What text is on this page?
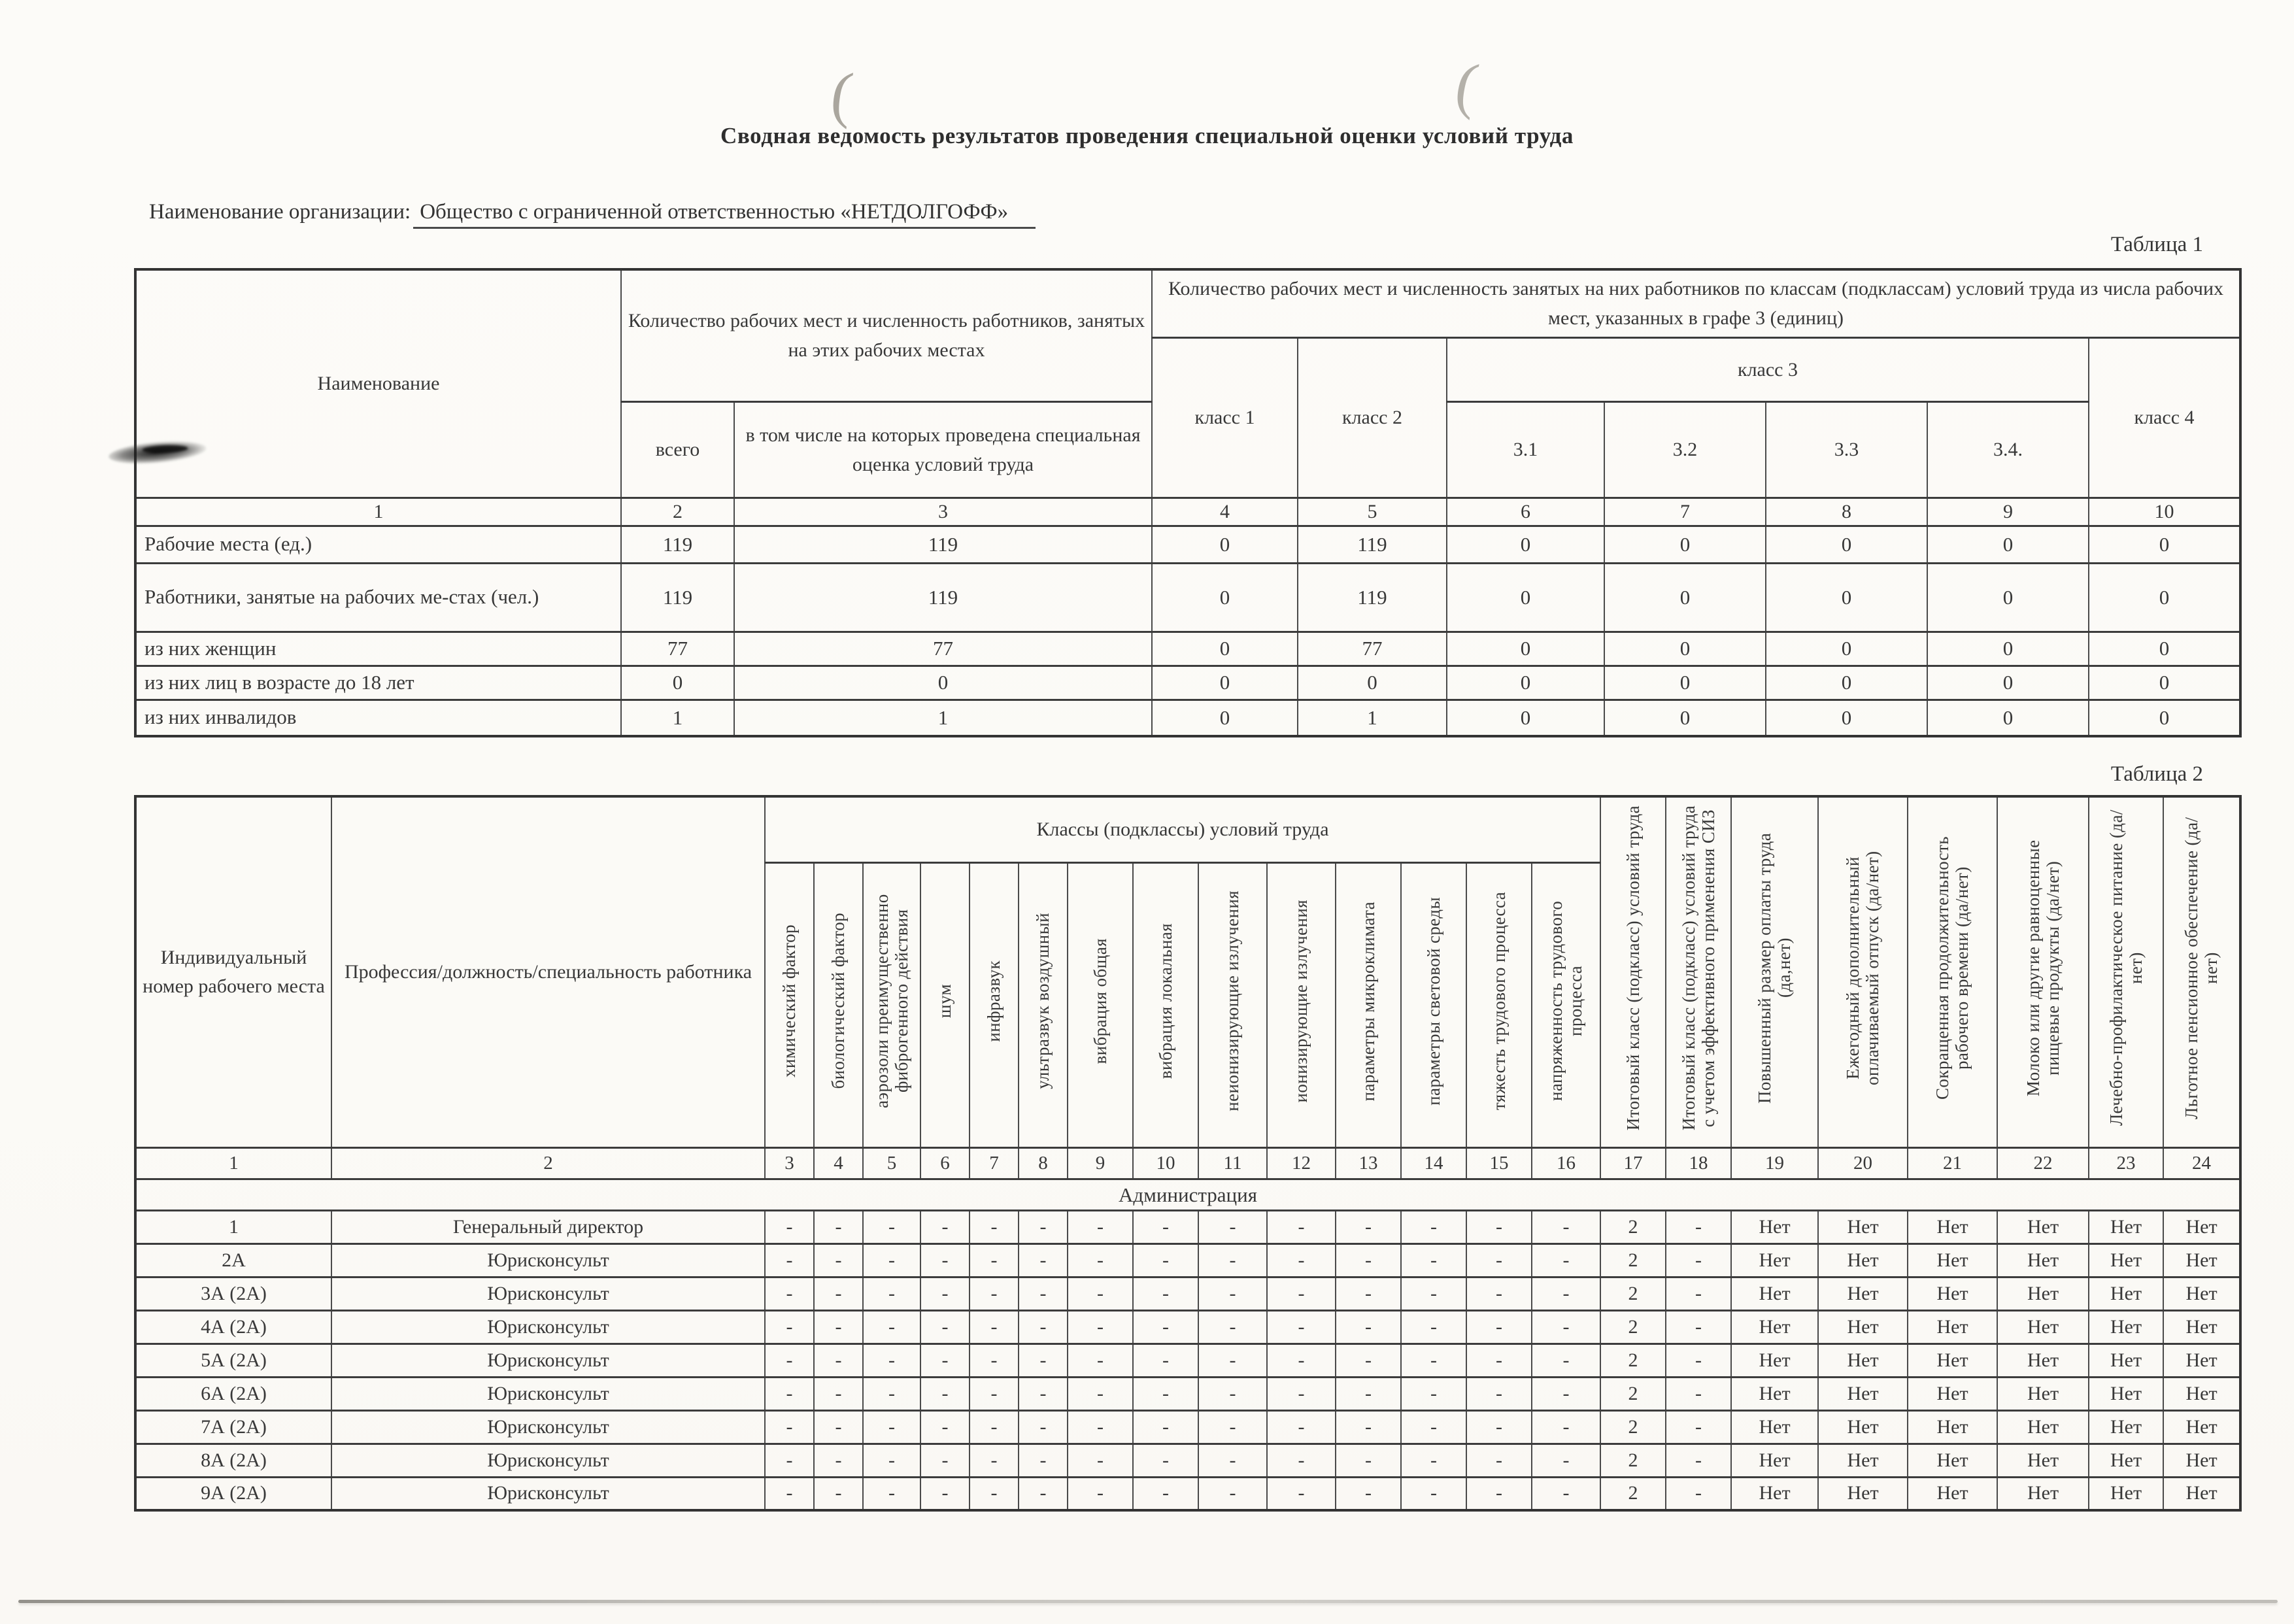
(	(
Сводная ведомость результатов проведения специальной оценки условий труда
Наименование организации: Общество с ограниченной ответственностью «НЕТДОЛГОФФ»
Таблица 1
Наименование	Количество рабочих мест и численность работников, занятых на этих рабочих местах		Количество рабочих мест и численность занятых на них работников по классам (подклассам) условий труда из числа рабочих мест, указанных в графе 3 (единиц)						
			класс 1	класс 2	класс 3				класс 4
	всего	в том числе на которых проведена специальная оценка условий труда			3.1	3.2	3.3	3.4.	
1	2	3	4	5	6	7	8	9	10
Рабочие места (ед.)	119	119	0	119	0	0	0	0	0
Работники, занятые на рабочих ме-стах (чел.)	119	119	0	119	0	0	0	0	0
из них женщин	77	77	0	77	0	0	0	0	0
из них лиц в возрасте до 18 лет	0	0	0	0	0	0	0	0	0
из них инвалидов	1	1	0	1	0	0	0	0	0
Таблица 2
Индивидуальный номер рабочего места	Профессия/должность/специальность работника	Классы (подклассы) условий труда														Итоговый класс (подкласс) условий труда	Итоговый класс (подкласс) условий труда с учетом эффективного применения СИЗ	Повышенный размер оплаты труда (да,нет)	Ежегодный дополнительный оплачиваемый отпуск (да/нет)	Сокращенная продолжительность рабочего времени (да/нет)	Молоко или другие равноценные пищевые продукты (да/нет)	Лечебно-профилактическое питание (да/нет)	Льготное пенсионное обеспечение (да/нет)
		химический фактор	биологический фактор	аэрозоли преимущественно фиброгенного действия	шум	инфразвук	ультразвук воздушный	вибрация общая	вибрация локальная	неионизирующие излучения	ионизирующие излучения	параметры микроклимата	параметры световой среды	тяжесть трудового процесса	напряженность трудового процесса								
1	2	3	4	5	6	7	8	9	10	11	12	13	14	15	16	17	18	19	20	21	22	23	24
Администрация																							
1	Генеральный директор	-	-	-	-	-	-	-	-	-	-	-	-	-	-	2	-	Нет	Нет	Нет	Нет	Нет	Нет
2А	Юрисконсульт	-	-	-	-	-	-	-	-	-	-	-	-	-	-	2	-	Нет	Нет	Нет	Нет	Нет	Нет
3А (2А)	Юрисконсульт	-	-	-	-	-	-	-	-	-	-	-	-	-	-	2	-	Нет	Нет	Нет	Нет	Нет	Нет
4А (2А)	Юрисконсульт	-	-	-	-	-	-	-	-	-	-	-	-	-	-	2	-	Нет	Нет	Нет	Нет	Нет	Нет
5А (2А)	Юрисконсульт	-	-	-	-	-	-	-	-	-	-	-	-	-	-	2	-	Нет	Нет	Нет	Нет	Нет	Нет
6А (2А)	Юрисконсульт	-	-	-	-	-	-	-	-	-	-	-	-	-	-	2	-	Нет	Нет	Нет	Нет	Нет	Нет
7А (2А)	Юрисконсульт	-	-	-	-	-	-	-	-	-	-	-	-	-	-	2	-	Нет	Нет	Нет	Нет	Нет	Нет
8А (2А)	Юрисконсульт	-	-	-	-	-	-	-	-	-	-	-	-	-	-	2	-	Нет	Нет	Нет	Нет	Нет	Нет
9А (2А)	Юрисконсульт	-	-	-	-	-	-	-	-	-	-	-	-	-	-	2	-	Нет	Нет	Нет	Нет	Нет	Нет
